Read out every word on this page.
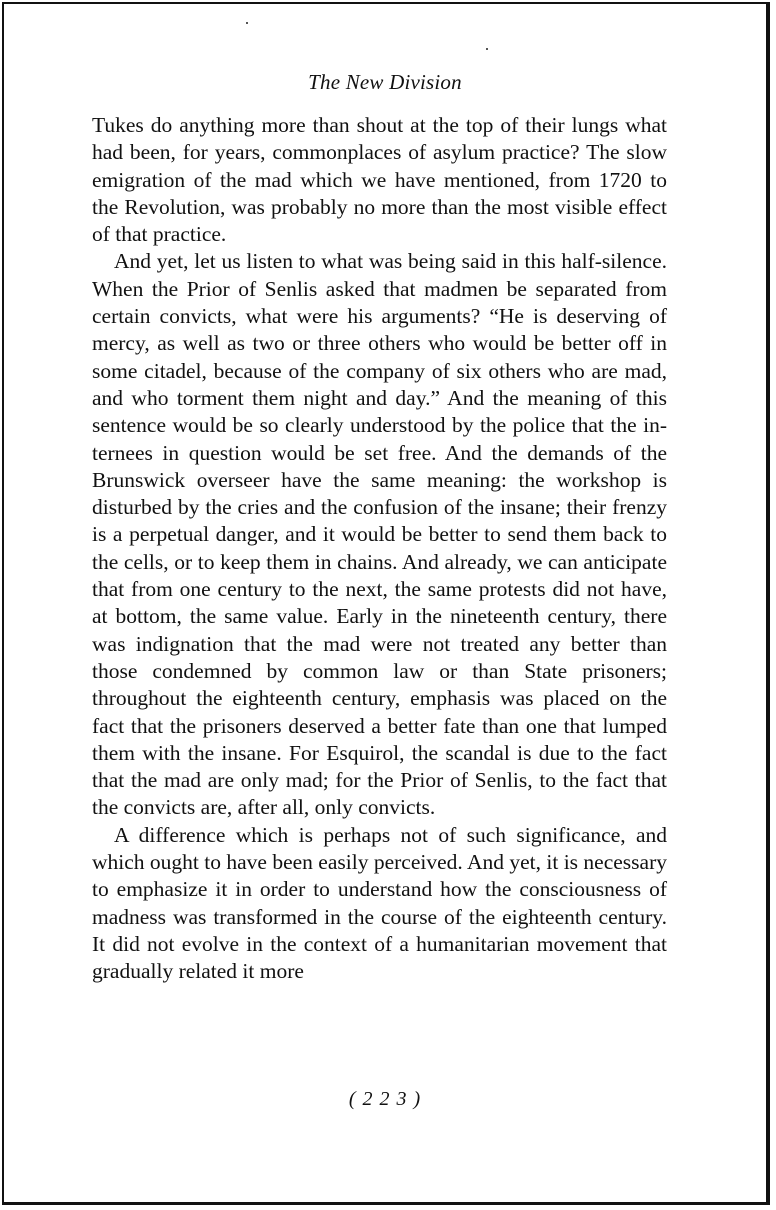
The New Division

Tukes do anything more than shout at the top of their lungs what had been, for years, commonplaces of asylum practice? The slow emigration of the mad which we have mentioned, from 1720 to the Revolution, was probably no more than the most visible effect of that practice.

And yet, let us listen to what was being said in this half-silence. When the Prior of Senlis asked that madmen be separated from certain convicts, what were his arguments? “He is deserving of mercy, as well as two or three others who would be better off in some citadel, because of the company of six others who are mad, and who torment them night and day.” And the meaning of this sentence would be so clearly understood by the police that the internees in question would be set free. And the demands of the Brunswick overseer have the same meaning: the workshop is disturbed by the cries and the confusion of the insane; their frenzy is a perpetual danger, and it would be better to send them back to the cells, or to keep them in chains. And already, we can anticipate that from one century to the next, the same protests did not have, at bottom, the same value. Early in the nineteenth century, there was indignation that the mad were not treated any better than those condemned by common law or than State prisoners; throughout the eighteenth century, emphasis was placed on the fact that the prisoners deserved a better fate than one that lumped them with the insane. For Esquirol, the scandal is due to the fact that the mad are only mad; for the Prior of Senlis, to the fact that the convicts are, after all, only convicts.

A difference which is perhaps not of such significance, and which ought to have been easily perceived. And yet, it is necessary to emphasize it in order to understand how the consciousness of madness was transformed in the course of the eighteenth century. It did not evolve in the context of a humanitarian movement that gradually related it more

( 2 2 3 )
